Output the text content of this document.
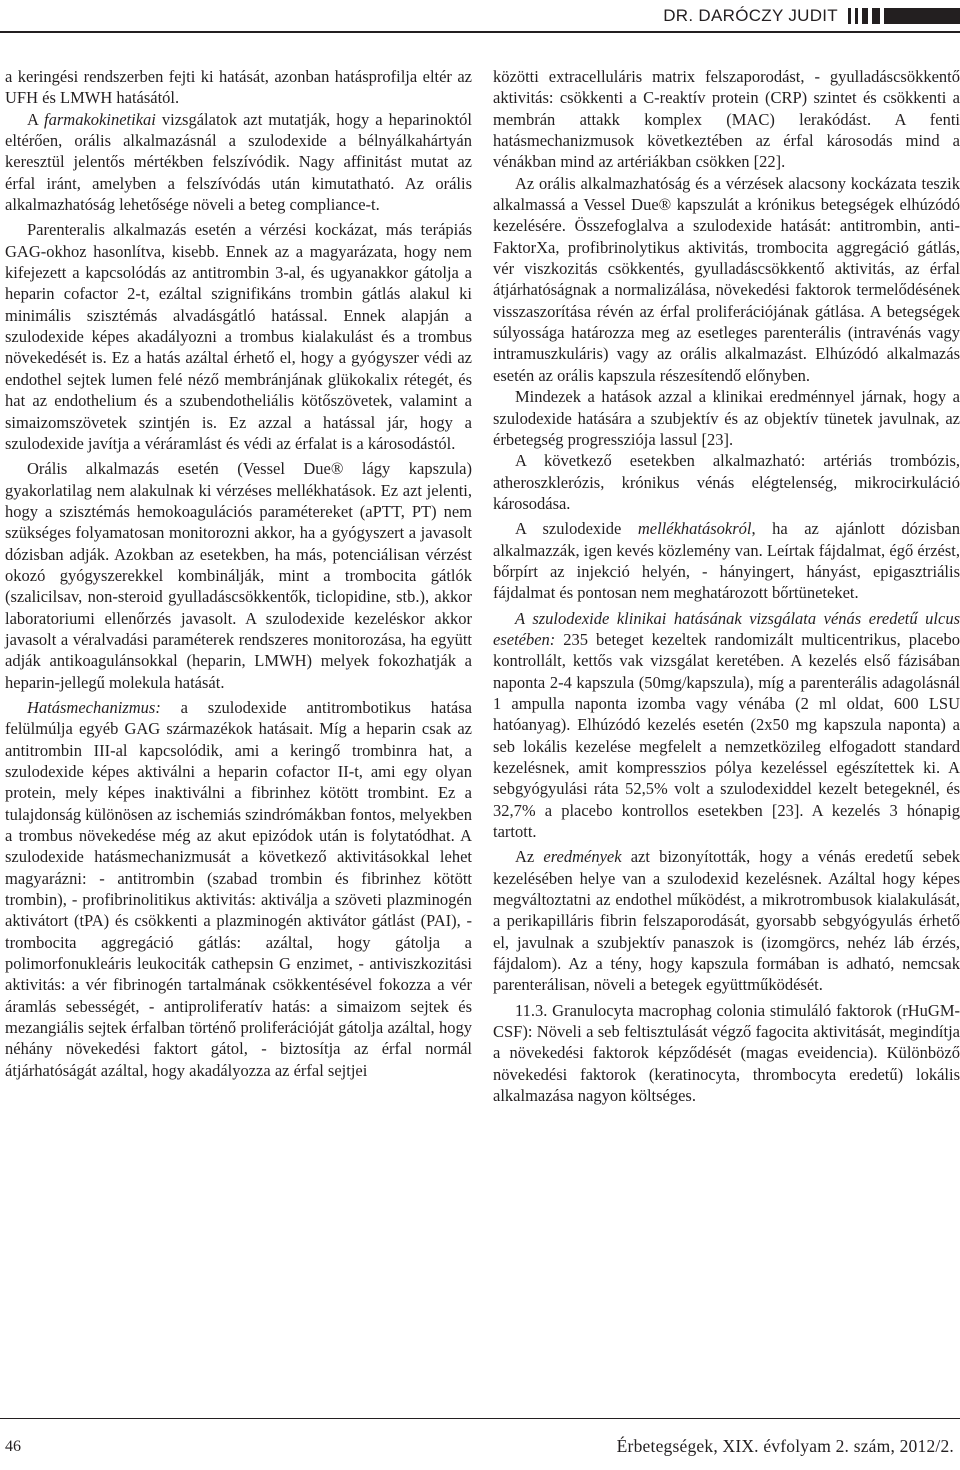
DR. DARÓCZY JUDIT

a keringési rendszerben fejti ki hatását, azonban hatásprofilja eltér az UFH és LMWH hatásától.

A farmakokinetikai vizsgálatok azt mutatják, hogy a heparinoktól eltérően, orális alkalmazásnál a szulodexide a bélnyálkahártyán keresztül jelentős mértékben felszívódik. Nagy affinitást mutat az érfal iránt, amelyben a felszívódás után kimutatható. Az orális alkalmazhatóság lehetősége növeli a beteg compliance-t.

Parenteralis alkalmazás esetén a vérzési kockázat, más terápiás GAG-okhoz hasonlítva, kisebb. Ennek az a magyarázata, hogy nem kifejezett a kapcsolódás az antitrombin 3-al, és ugyanakkor gátolja a heparin cofactor 2-t, ezáltal szignifikáns trombin gátlás alakul ki minimális szisztémás alvadásgátló hatással. Ennek alapján a szulodexide képes akadályozni a trombus kialakulást és a trombus növekedését is. Ez a hatás azáltal érhető el, hogy a gyógyszer védi az endothel sejtek lumen felé néző membránjának glükokalix rétegét, és hat az endothelium és a szubendotheliális kötőszövetek, valamint a simaizomszövetek szintjén is. Ez azzal a hatással jár, hogy a szulodexide javítja a véráramlást és védi az érfalat is a károsodástól.

Orális alkalmazás esetén (Vessel Due® lágy kapszula) gyakorlatilag nem alakulnak ki vérzéses mellékhatások. Ez azt jelenti, hogy a szisztémás hemokoagulációs paramétereket (aPTT, PT) nem szükséges folyamatosan monitorozni akkor, ha a gyógyszert a javasolt dózisban adják. Azokban az esetekben, ha más, potenciálisan vérzést okozó gyógyszerekkel kombinálják, mint a trombocita gátlók (szalicilsav, non-steroid gyulladáscsökkentők, ticlopidine, stb.), akkor laboratoriumi ellenőrzés javasolt. A szulodexide kezeléskor akkor javasolt a véralvadási paraméterek rendszeres monitorozása, ha együtt adják antikoagulánsokkal (heparin, LMWH) melyek fokozhatják a heparin-jellegű molekula hatását.

Hatásmechanizmus: a szulodexide antitrombotikus hatása felülmúlja egyéb GAG származékok hatásait. Míg a heparin csak az antitrombin III-al kapcsolódik, ami a keringő trombinra hat, a szulodexide képes aktiválni a heparin cofactor II-t, ami egy olyan protein, mely képes inaktiválni a fibrinhez kötött trombint. Ez a tulajdonság különösen az ischemiás szindrómákban fontos, melyekben a trombus növekedése még az akut epizódok után is folytatódhat. A szulodexide hatásmechanizmusát a következő aktivitásokkal lehet magyarázni: - antitrombin (szabad trombin és fibrinhez kötött trombin), - profibrinolitikus aktivitás: aktiválja a szöveti plazminogén aktivátort (tPA) és csökkenti a plazminogén aktivátor gátlást (PAI), - trombocita aggregáció gátlás: azáltal, hogy gátolja a polimorfonukleáris leukociták cathepsin G enzimet, - antiviszkozitási aktivitás: a vér fibrinogén tartalmának csökkentésével fokozza a vér áramlás sebességét, - antiproliferatív hatás: a simaizom sejtek és mezangiális sejtek érfalban történő proliferációját gátolja azáltal, hogy néhány növekedési faktort gátol, - biztosítja az érfal normál átjárhatóságát azáltal, hogy akadályozza az érfal sejtjei

közötti extracelluláris matrix felszaporodást, - gyulladáscsökkentő aktivitás: csökkenti a C-reaktív protein (CRP) szintet és csökkenti a membrán attakk komplex (MAC) lerakódást. A fenti hatásmechanizmusok következtében az érfal károsodás mind a vénákban mind az artériákban csökken [22].

Az orális alkalmazhatóság és a vérzések alacsony kockázata teszik alkalmassá a Vessel Due® kapszulát a krónikus betegségek elhúzódó kezelésére. Összefoglalva a szulodexide hatását: antitrombin, anti-FaktorXa, profibrinolytikus aktivitás, trombocita aggregáció gátlás, vér viszkozitás csökkentés, gyulladáscsökkentő aktivitás, az érfal átjárhatóságnak a normalizálása, növekedési faktorok termelődésének visszaszorítása révén az érfal proliferációjának gátlása. A betegségek súlyossága határozza meg az esetleges parenterális (intravénás vagy intramuszkuláris) vagy az orális alkalmazást. Elhúzódó alkalmazás esetén az orális kapszula részesítendő előnyben.

Mindezek a hatások azzal a klinikai eredménnyel járnak, hogy a szulodexide hatására a szubjektív és az objektív tünetek javulnak, az érbetegség progressziója lassul [23].

A következő esetekben alkalmazható: artériás trombózis, atheroszklerózis, krónikus vénás elégtelenség, mikrocirkuláció károsodása.

A szulodexide mellékhatásokról, ha az ajánlott dózisban alkalmazzák, igen kevés közlemény van. Leírtak fájdalmat, égő érzést, bőrpírt az injekció helyén, - hányingert, hányást, epigasztriális fájdalmat és pontosan nem meghatározott bőrtüneteket.

A szulodexide klinikai hatásának vizsgálata vénás eredetű ulcus esetében: 235 beteget kezeltek randomizált multicentrikus, placebo kontrollált, kettős vak vizsgálat keretében. A kezelés első fázisában naponta 2-4 kapszula (50mg/kapszula), míg a parenterális adagolásnál 1 ampulla naponta izomba vagy vénába (2 ml oldat, 600 LSU hatóanyag). Elhúzódó kezelés esetén (2x50 mg kapszula naponta) a seb lokális kezelése megfelelt a nemzetközileg elfogadott standard kezelésnek, amit kompresszios pólya kezeléssel egészítettek ki. A sebgyógyulási ráta 52,5% volt a szulodexiddel kezelt betegeknél, és 32,7% a placebo kontrollos esetekben [23]. A kezelés 3 hónapig tartott.

Az eredmények azt bizonyították, hogy a vénás eredetű sebek kezelésében helye van a szulodexid kezelésnek. Azáltal hogy képes megváltoztatni az endothel működést, a mikrotrombusok kialakulását, a perikapilláris fibrin felszaporodását, gyorsabb sebgyógyulás érhető el, javulnak a szubjektív panaszok is (izomgörcs, nehéz láb érzés, fájdalom). Az a tény, hogy kapszula formában is adható, nemcsak parenterálisan, növeli a betegek együttműködését.

11.3. Granulocyta macrophag colonia stimuláló faktorok (rHuGM-CSF): Növeli a seb feltisztulását végző fagocita aktivitását, megindítja a növekedési faktorok képződését (magas eveidencia). Különböző növekedési faktorok (keratinocyta, thrombocyta eredetű) lokális alkalmazása nagyon költséges.

46	Érbetegségek, XIX. évfolyam 2. szám, 2012/2.
